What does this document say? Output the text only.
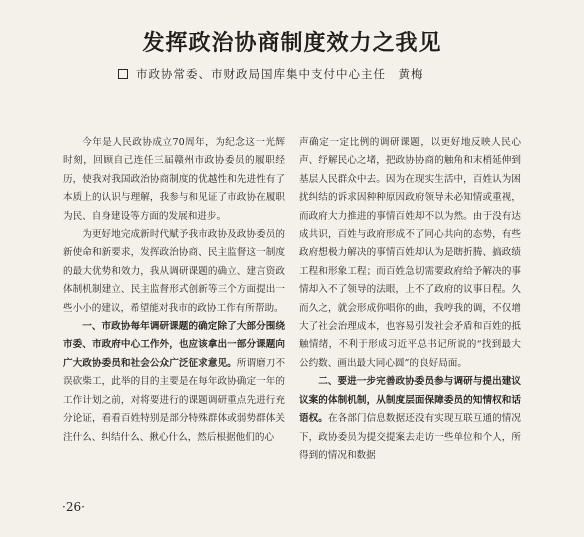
发挥政治协商制度效力之我见
市政协常委、市财政局国库集中支付中心主任　黄梅

今年是人民政协成立70周年，为纪念这一光辉时刻，回顾自己连任三届赣州市政协委员的履职经历，使我对我国政治协商制度的优越性和先进性有了本质上的认识与理解，我参与和见证了市政协在履职为民、自身建设等方面的发展和进步。

为更好地完成新时代赋予我市政协及政协委员的新使命和新要求，发挥政治协商、民主监督这一制度的最大优势和效力，我从调研课题的确立、建言资政体制机制建立、民主监督形式创新等三个方面提出一些小小的建议，希望能对我市的政协工作有所帮助。

一、市政协每年调研课题的确定除了大部分围绕市委、市政府中心工作外，也应该拿出一部分课题向广大政协委员和社会公众广泛征求意见。所谓磨刀不误砍柴工，此举的目的主要是在每年政协确定一年的工作计划之前，对将要进行的课题调研重点先进行充分论证，看看百姓特别是部分特殊群体或弱势群体关注什么、纠结什么、揪心什么，然后根据他们的心

声确定一定比例的调研课题，以更好地反映人民心声、纾解民心之堵，把政协协商的触角和末梢延伸到基层人民群众中去。因为在现实生活中，百姓认为困扰纠结的诉求因种种原因政府领导未必知情或重视，而政府大力推进的事情百姓却不以为然。由于没有达成共识，百姓与政府形成不了同心共向的态势，有些政府想极力解决的事情百姓却认为是瞎折腾、搞政绩工程和形象工程；而百姓急切需要政府给予解决的事情却入不了领导的法眼，上不了政府的议事日程。久而久之，就会形成你唱你的曲，我哼我的调，不仅增大了社会治理成本，也容易引发社会矛盾和百姓的抵触情绪，不利于形成习近平总书记所说的“找到最大公约数、画出最大同心圆”的良好局面。

二、要进一步完善政协委员参与调研与提出建议议案的体制机制，从制度层面保障委员的知情权和话语权。在各部门信息数据还没有实现互联互通的情况下，政协委员为提交提案去走访一些单位和个人，所得到的情况和数据

·26·
